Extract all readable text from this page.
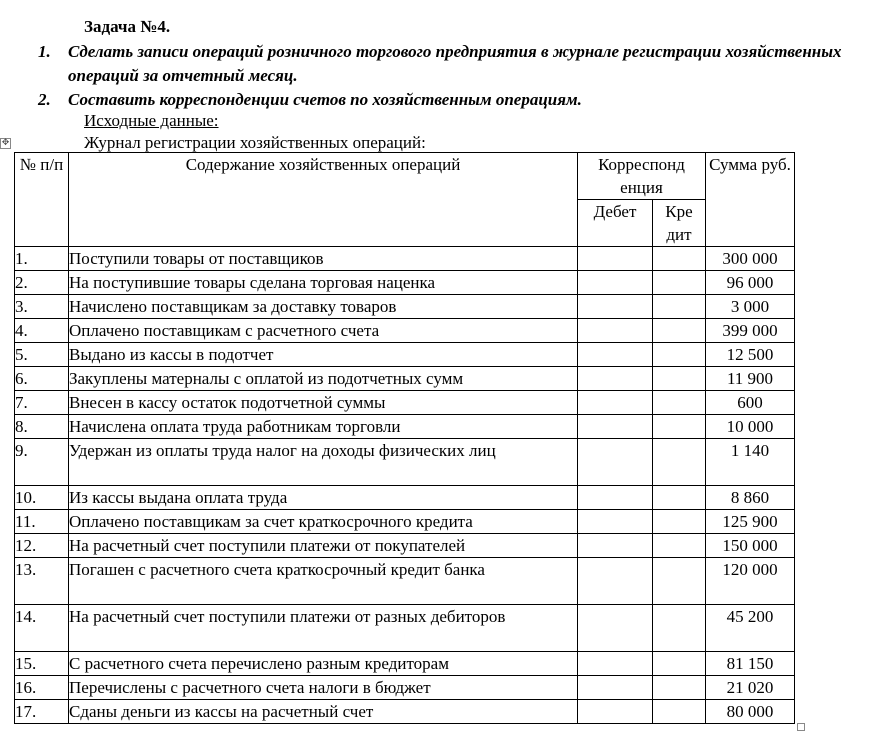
Задача №4.
1. Сделать записи операций розничного торгового предприятия в журнале регистрации хозяйственных операций за отчетный месяц.
2. Составить корреспонденции счетов по хозяйственным операциям.
Исходные данные:
Журнал регистрации хозяйственных операций:
✥
№ п/п	Содержание хозяйственных операций	Корреспонд енция		Сумма руб.
		Дебет	Кре дит	
1.	Поступили товары от поставщиков			300 000
2.	На поступившие товары сделана торговая наценка			96 000
3.	Начислено поставщикам за доставку товаров			3 000
4.	Оплачено поставщикам с расчетного счета			399 000
5.	Выдано из кассы в подотчет			12 500
6.	Закуплены матерналы с оплатой из подотчетных сумм			11 900
7.	Внесен в кассу остаток подотчетной суммы			600
8.	Начислена оплата труда работникам торговли			10 000
9.	Удержан из оплаты труда налог на доходы физических лиц			1 140
10.	Из кассы выдана оплата труда			8 860
11.	Оплачено поставщикам за счет краткосрочного кредита			125 900
12.	На расчетный счет поступили платежи от покупателей			150 000
13.	Погашен с расчетного счета краткосрочный кредит банка			120 000
14.	На расчетный счет поступили платежи от разных дебиторов			45 200
15.	С расчетного счета перечислено разным кредиторам			81 150
16.	Перечислены с расчетного счета налоги в бюджет			21 020
17.	Сданы деньги из кассы на расчетный счет			80 000
